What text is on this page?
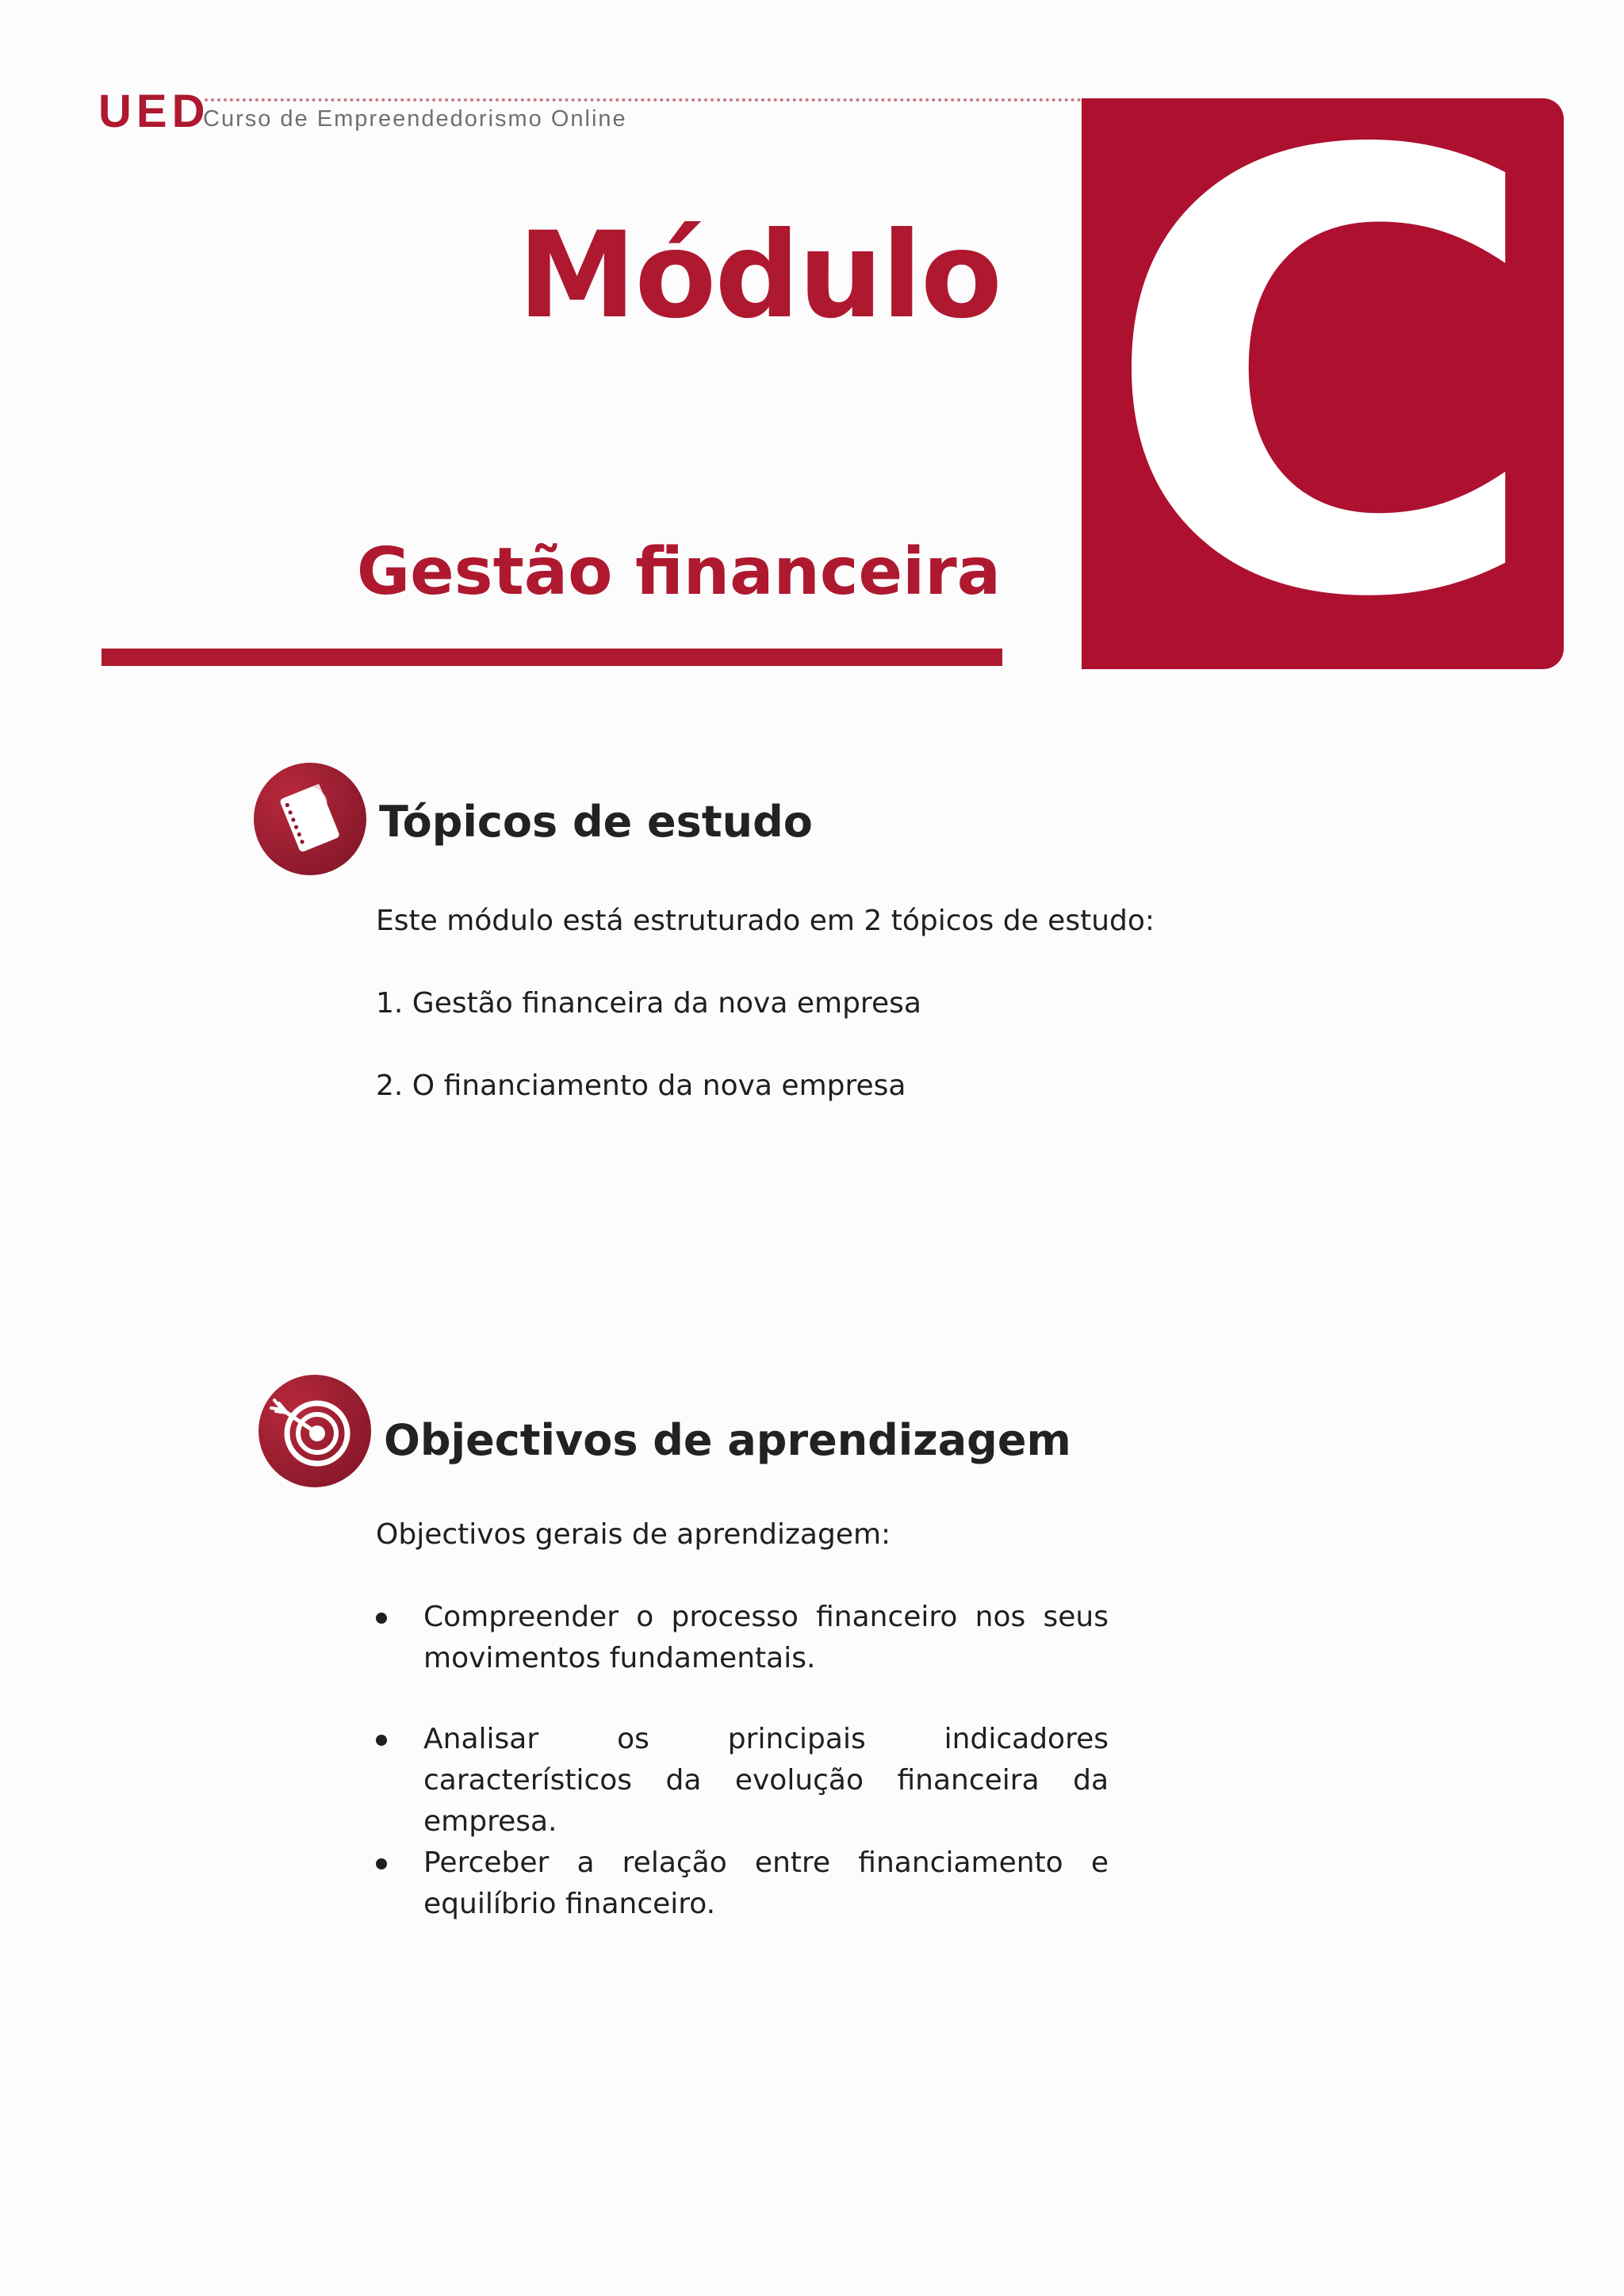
UED
Curso de Empreendedorismo Online C
Módulo
Gestão financeira
Tópicos de estudo
Este módulo está estruturado em 2 tópicos de estudo:
1. Gestão financeira da nova empresa
2. O financiamento da nova empresa
Objectivos de aprendizagem
Objectivos gerais de aprendizagem:
Compreender o processo financeiro nos seus movimentos fundamentais.
Analisar os principais indicadores característicos da evolução financeira da empresa.
Perceber a relação entre financiamento e equilíbrio financeiro.
